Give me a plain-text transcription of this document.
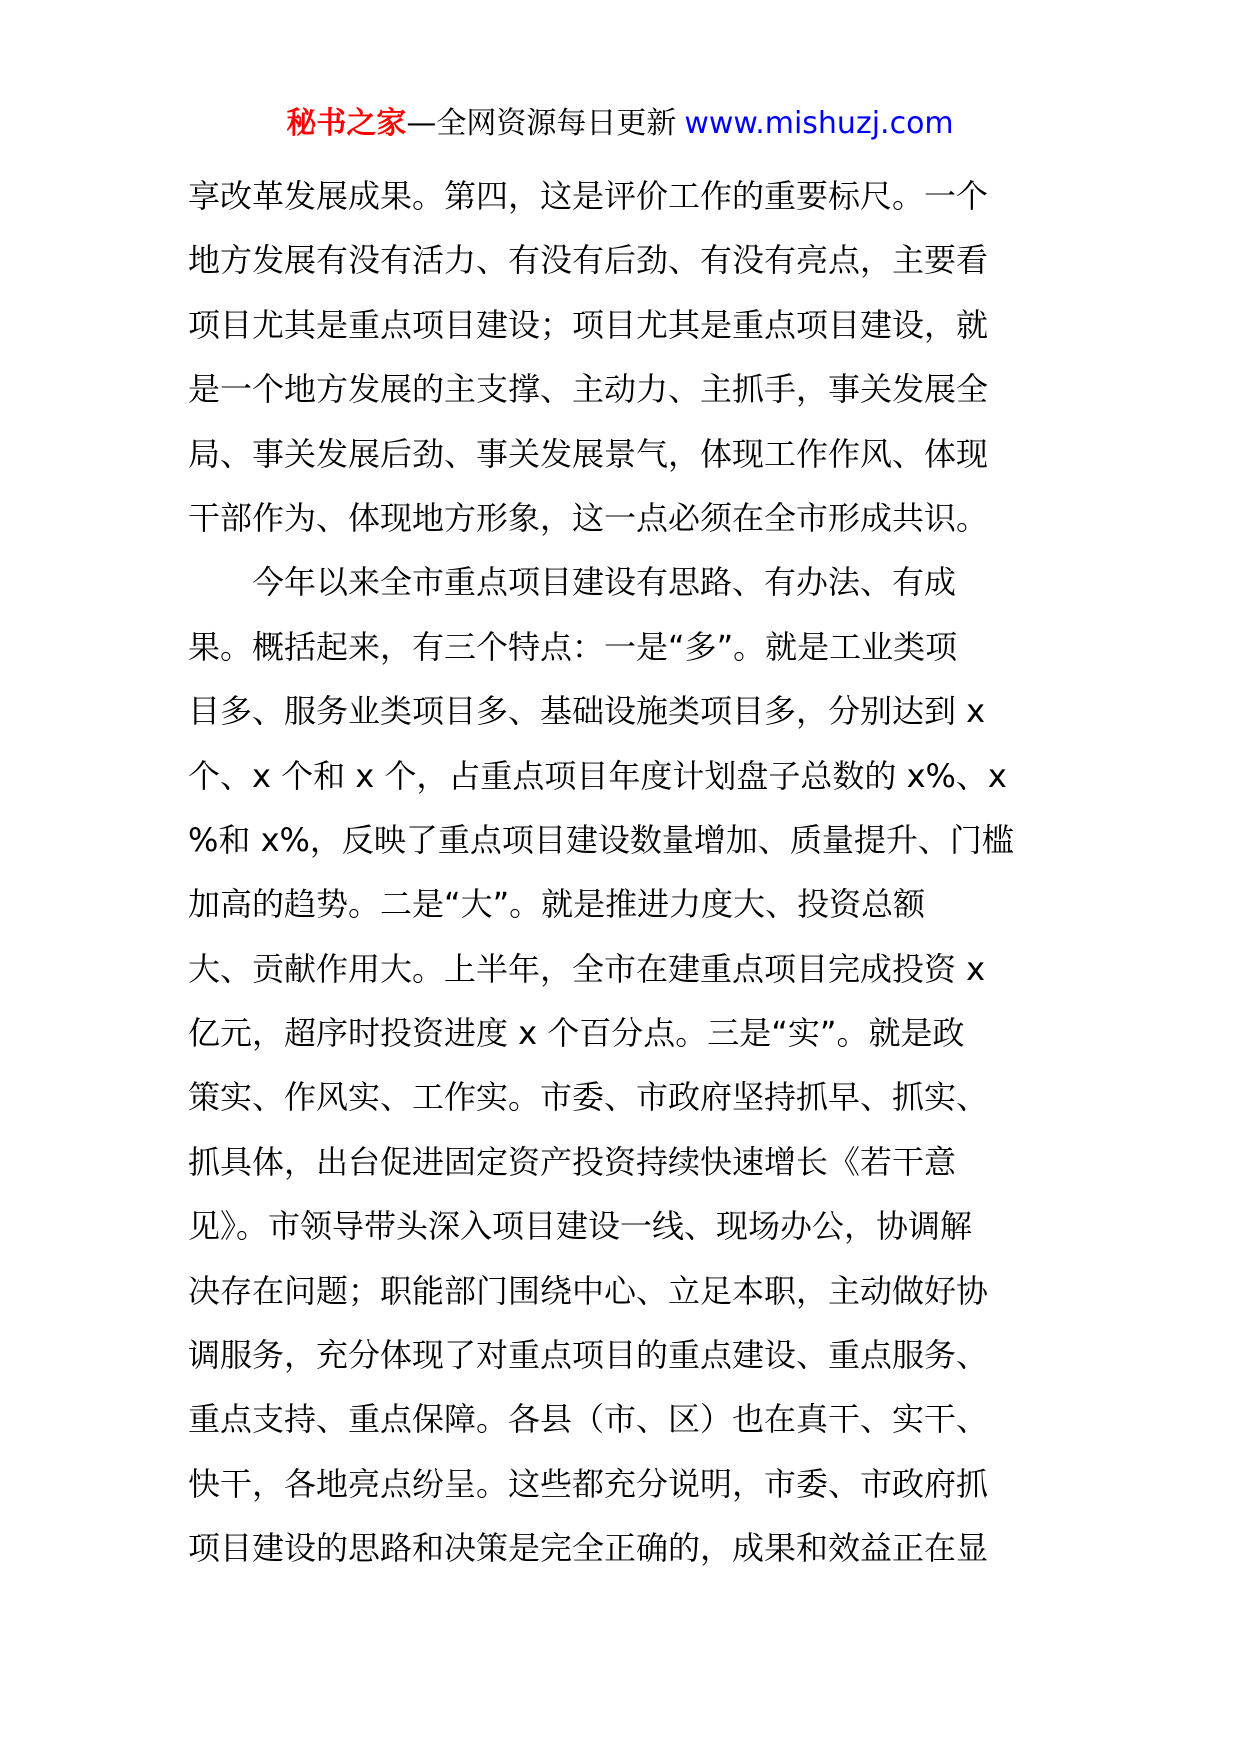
秘书之家—全网资源每日更新 www.mishuzj.com
享改革发展成果。第四，这是评价工作的重要标尺。一个
地方发展有没有活力、有没有后劲、有没有亮点，主要看
项目尤其是重点项目建设；项目尤其是重点项目建设，就
是一个地方发展的主支撑、主动力、主抓手，事关发展全
局、事关发展后劲、事关发展景气，体现工作作风、体现
干部作为、体现地方形象，这一点必须在全市形成共识。
今年以来全市重点项目建设有思路、有办法、有成
果。概括起来，有三个特点：一是“多”。就是工业类项
目多、服务业类项目多、基础设施类项目多，分别达到 x
个、x 个和 x 个，占重点项目年度计划盘子总数的 x%、x
%和 x%，反映了重点项目建设数量增加、质量提升、门槛
加高的趋势。二是“大”。就是推进力度大、投资总额
大、贡献作用大。上半年，全市在建重点项目完成投资 x
亿元，超序时投资进度 x 个百分点。三是“实”。就是政
策实、作风实、工作实。市委、市政府坚持抓早、抓实、
抓具体，出台促进固定资产投资持续快速增长《若干意
见》。市领导带头深入项目建设一线、现场办公，协调解
决存在问题；职能部门围绕中心、立足本职，主动做好协
调服务，充分体现了对重点项目的重点建设、重点服务、
重点支持、重点保障。各县（市、区）也在真干、实干、
快干，各地亮点纷呈。这些都充分说明，市委、市政府抓
项目建设的思路和决策是完全正确的，成果和效益正在显
